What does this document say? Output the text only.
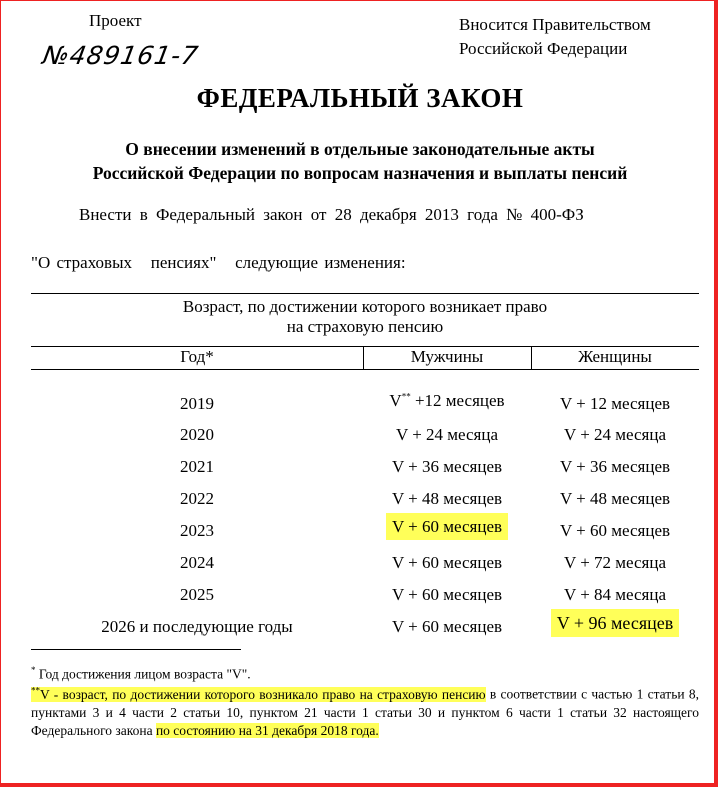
Проект
№489161-7
Вносится Правительством
Российской Федерации
ФЕДЕРАЛЬНЫЙ ЗАКОН
О внесении изменений в отдельные законодательные акты
Российской Федерации по вопросам назначения и выплаты пенсий
Внести в Федеральный закон от 28 декабря 2013 года № 400-ФЗ
"О страховых   пенсиях"   следующие изменения:
Возраст, по достижении которого возникает право
на страховую пенсию
Год*	Мужчины	Женщины
2019	V** +12 месяцев	V + 12 месяцев
2020	V + 24 месяца	V + 24 месяца
2021	V + 36 месяцев	V + 36 месяцев
2022	V + 48 месяцев	V + 48 месяцев
2023	V + 60 месяцев	V + 60 месяцев
2024	V + 60 месяцев	V + 72 месяца
2025	V + 60 месяцев	V + 84 месяца
2026 и последующие годы	V + 60 месяцев	V + 96 месяцев
* Год достижения лицом возраста "V".
**V - возраст, по достижении которого возникало право на страховую пенсию в соответствии с частью 1 статьи 8, пунктами 3 и 4 части 2 статьи 10, пунктом 21 части 1 статьи 30 и пунктом 6 части 1 статьи 32 настоящего Федерального закона по состоянию на 31 декабря 2018 года.
